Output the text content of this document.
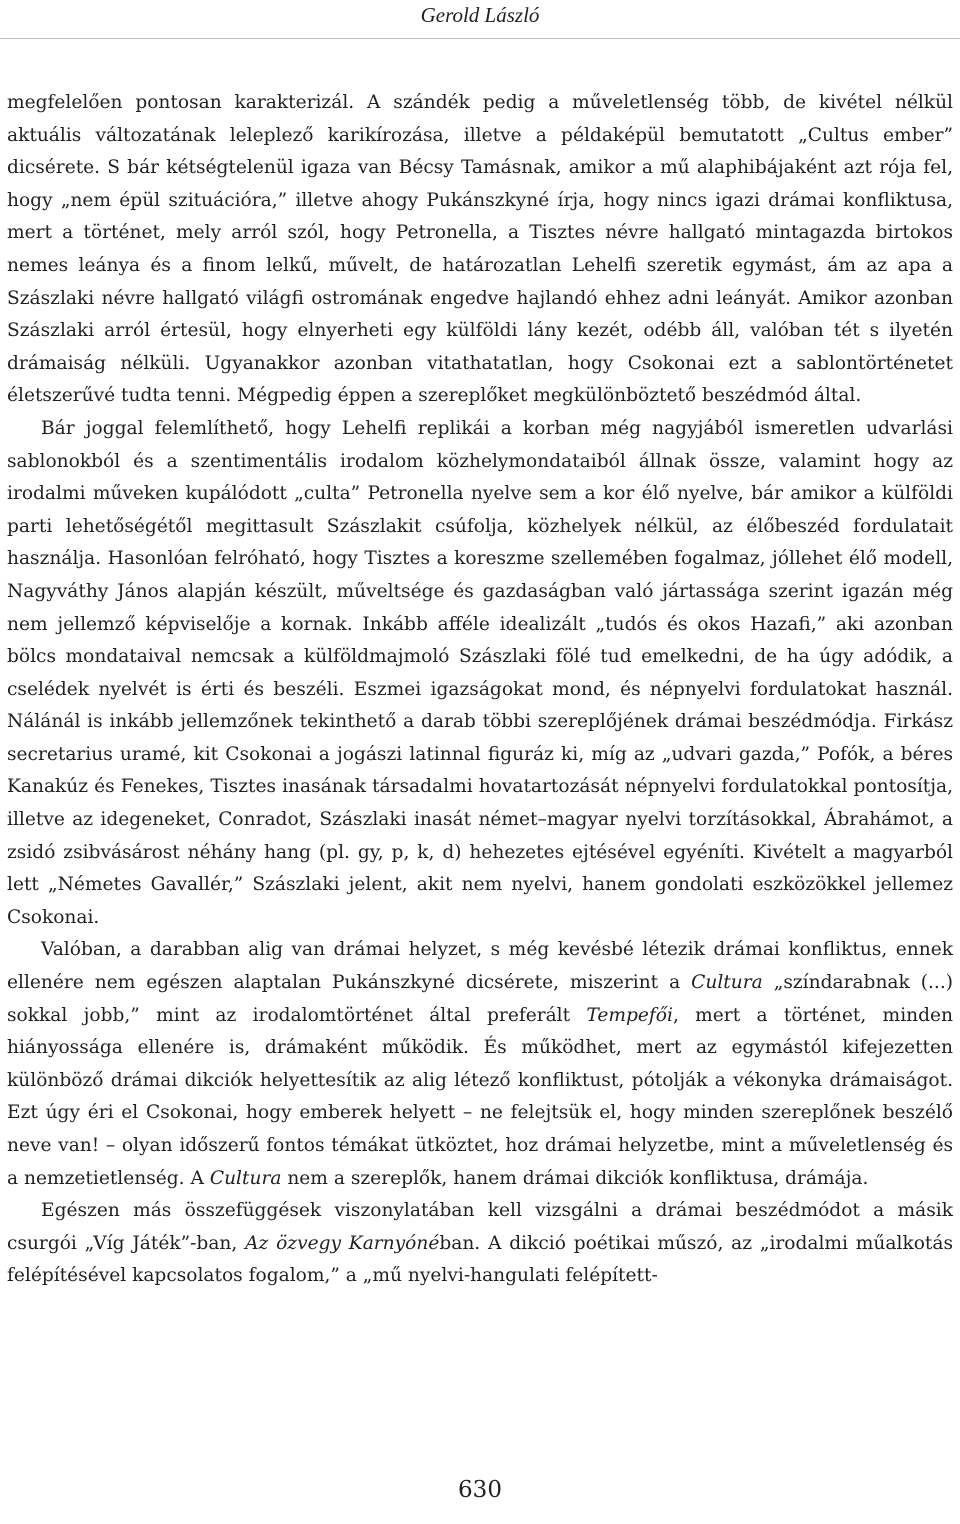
Gerold László

megfelelően pontosan karakterizál. A szándék pedig a műveletlenség több, de kivétel nélkül aktuális változatának leleplező karikírozása, illetve a példaképül bemutatott „Cultus ember” dicsérete. S bár kétségtelenül igaza van Bécsy Tamásnak, amikor a mű alaphibájaként azt rója fel, hogy „nem épül szituációra,” illetve ahogy Pukánszkyné írja, hogy nincs igazi drámai konfliktusa, mert a történet, mely arról szól, hogy Petronella, a Tisztes névre hallgató mintagazda birtokos nemes leánya és a finom lelkű, művelt, de határozatlan Lehelfi szeretik egymást, ám az apa a Szászlaki névre hallgató világfi ostromának engedve hajlandó ehhez adni leányát. Amikor azonban Szászlaki arról értesül, hogy elnyerheti egy külföldi lány kezét, odébb áll, valóban tét s ilyetén drámaiság nélküli. Ugyanakkor azonban vitathatatlan, hogy Csokonai ezt a sablontörténetet életszerűvé tudta tenni. Mégpedig éppen a szereplőket megkülönböztető beszédmód által.

Bár joggal felemlíthető, hogy Lehelfi replikái a korban még nagyjából ismeretlen udvarlási sablonokból és a szentimentális irodalom közhelymondataiból állnak össze, valamint hogy az irodalmi műveken kupálódott „culta” Petronella nyelve sem a kor élő nyelve, bár amikor a külföldi parti lehetőségétől megittasult Szászlakit csúfolja, közhelyek nélkül, az élőbeszéd fordulatait használja. Hasonlóan felróható, hogy Tisztes a koreszme szellemében fogalmaz, jóllehet élő modell, Nagyváthy János alapján készült, műveltsége és gazdaságban való jártassága szerint igazán még nem jellemző képviselője a kornak. Inkább afféle idealizált „tudós és okos Hazafi,” aki azonban bölcs mondataival nemcsak a külföldmajmoló Szászlaki fölé tud emelkedni, de ha úgy adódik, a cselédek nyelvét is érti és beszéli. Eszmei igazságokat mond, és népnyelvi fordulatokat használ. Nálánál is inkább jellemzőnek tekinthető a darab többi szereplőjének drámai beszédmódja. Firkász secretarius uramé, kit Csokonai a jogászi latinnal figuráz ki, míg az „udvari gazda,” Pofók, a béres Kanakúz és Fenekes, Tisztes inasának társadalmi hovatartozását népnyelvi fordulatokkal pontosítja, illetve az idegeneket, Conradot, Szászlaki inasát német–magyar nyelvi torzításokkal, Ábrahámot, a zsidó zsibvásárost néhány hang (pl. gy, p, k, d) hehezetes ejtésével egyéníti. Kivételt a magyarból lett „Németes Gavallér,” Szászlaki jelent, akit nem nyelvi, hanem gondolati eszközökkel jellemez Csokonai.

Valóban, a darabban alig van drámai helyzet, s még kevésbé létezik drámai konfliktus, ennek ellenére nem egészen alaptalan Pukánszkyné dicsérete, miszerint a Cultura „színdarabnak (...) sokkal jobb,” mint az irodalomtörténet által preferált Tempefői, mert a történet, minden hiányossága ellenére is, drámaként működik. És működhet, mert az egymástól kifejezetten különböző drámai dikciók helyettesítik az alig létező konfliktust, pótolják a vékonyka drámaiságot. Ezt úgy éri el Csokonai, hogy emberek helyett – ne felejtsük el, hogy minden szereplőnek beszélő neve van! – olyan időszerű fontos témákat ütköztet, hoz drámai helyzetbe, mint a műveletlenség és a nemzetietlenség. A Cultura nem a szereplők, hanem drámai dikciók konfliktusa, drámája.

Egészen más összefüggések viszonylatában kell vizsgálni a drámai beszédmódot a másik csurgói „Víg Játék”-ban, Az özvegy Karnyónéban. A dikció poétikai műszó, az „irodalmi műalkotás felépítésével kapcsolatos fogalom,” a „mű nyelvi-hangulati felépített-

630
